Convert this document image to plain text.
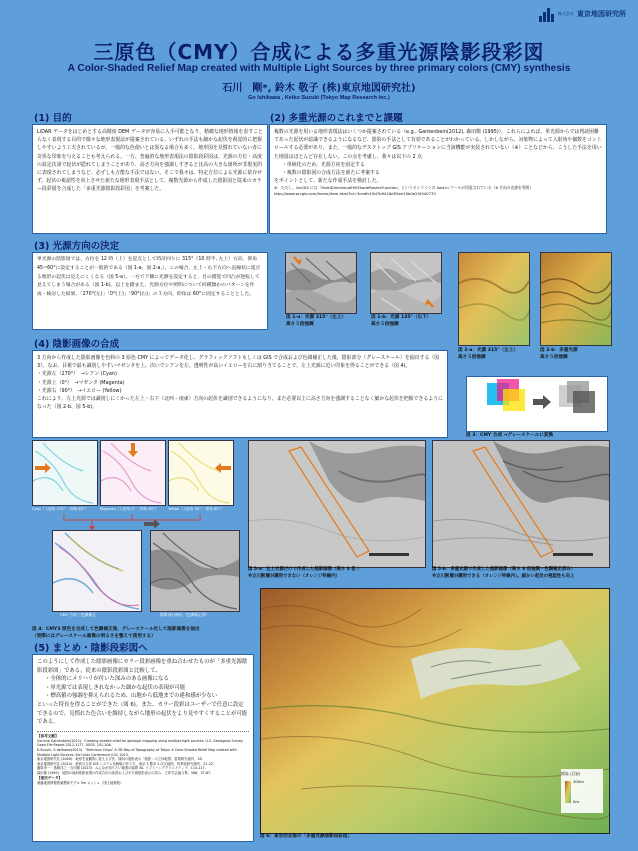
株式会社 東京地図研究所
三原色（CMY）合成による多重光源陰影段彩図
A Color-Shaded Relief Map created with Multiple Light Sources by three primary colors (CMY) synthesis
石川　剛*, 鈴木 敬子 (株)東京地図研究社)
Go Ishikawa , Keiko Suzuki (Tokyo Map Research Inc.)
(1) 目的
LiDAR データをはじめとする高精度 DEM データが容易に入手可能となり、精緻な地形情報を表すことらなく表現する目的で様々な地形表現法が提案されている。いずれの手法も細かな起伏を視覚的に把握しやすいよう工夫されているが、一般的な色使いとは異なる場合も多く、地形図を見慣れていない者に奇異な印象を与えることも考えられる。一方、普遍的な地形表現法の陰影段彩図は、光源の方位・高度の設定次第で起伏が隠れてしまうことがあり、高さ方向を強調しすぎると比高の大きな箇所が非現実的に表現されてしまうなど、必ずしも万能な手法ではない。そこで我々は、特定方位による光源に依存せず、起伏の視認性を向上させた新たな地形表現手法として、複数光源から作成した陰影図と従来のカラー段彩図を合成した「多重光源陰影段彩図」を考案した。
(2) 多重光源のこれまでと課題
複数の光源を用いる地形表現法はいくつか提案されている（e.g., Gantenbein(2012), 森田衛 (1995)）。これらによれば、単光源からでは判読困難であった起伏が認識できるようになるなど、陰影の手法として有効であることがわかっている。しかしながら、対象物によって入射角や個数をコントロールする必要があり、また、一般的なデスクトップ GIS アプリケーションに当該機能が実装されていない（※）ことなどから、こうした手法を用いた地図はほとんど存在しない。この点を考慮し、我々は以下の 2 点
・単純化のため、光源方向を固定する
・複数の陰影図の合成方法を新たに考案する
をポイントとして、新たな作成手法を検討した。
※：ただし、ArcGIS には「MultiDirectionalHillShadeRasterFunction」というオンラインの Add-in ツールが用意されている（6 方向の光源を利用）
http://www.arcgis.com/home/item.html?id=3cedfc19d7b9418d55ee15b0e2f4540770
(3) 光源方向の決定
単光源の陰影図では、方位を 12 時（上）を起点として時計回りに 315°（10 時半, 左上）方向、仰角 45~60°に設定することが一般的である（図 1-a、図 2-a,）。この場合、左上・右下方向へ直線状に延びる地形の起伏は見えにくくなる（図 5-a）。一方で下側に光源を設定すると、目の錯覚で凹凸が逆転して見えてしまう場合がある（図 1-b)。以上を踏まえ、光源方位や照明について何種類かのパターンを作成・検討した結果、「270°(左)」「0°(上)」「90°(右)」の３方向、仰角は 60°に固定することとした。
図 1-a：光源 315°（左上）
高さ５倍強調
図 1-b：光源 135°（右下）
高さ５倍強調
図 2-a：光源 315°（左上）
高さ５倍強調
図 2-b：多重光源
高さ５倍強調
(4) 陰影画像の合成
3 方向から作成した陰影画像を色料の 3 原色 CMY によってデータ化し、グラフィックソフトもしくは GIS で合成および色調補正した後、陰影部分（グレースケール）を抽出する（図 3）。なお、目視で最も識別しやすいマゼンタを上、次いでシアンを左、透明性が高いイエローを右に割り当てることで、左上光源に近い印象を得ることができる（図 4)。
・光源左（270°）　→シアン (Cyan)
・光源上（0°）　→マゼンタ (Magenta)
・光源右（90°）　→イエロー (Yellow)
これにより、左上光源では識別しにくかった左上・右下（北西 - 南東）方向の起伏を識別できるようになり、また必要以上に高さ方向を強調することなく細かな起伏を把握できるようになった（図 2-b、図 5-b)。
図 3：CMY 合成 →グレースケールに変換
Cyan（入射角 270° ・仰角 60°）	Magenta（入射角 0° ・仰角 60°）	Yellow（入射角 90° ・仰角 60°）
CMY 合成＋色調補正	陰影部分抽出（色調補正済）
図 4：CMY3 原色を合成して色調補正後、グレースケール化して陰影画像を抽出
（実際にはグレースケール画像の明るさを整えて使用する）
図 5-a：左上光源だけで作成した陰影画像（高さ 3 倍 ）
※立川断層が識別できない（オレンジ枠線内）
図 5-b：多重光源で作成した陰影画像（高さ 3 倍強調・色調補正済み）
※立川断層が識別できる（オレンジ枠線内）。細かい起伏の視認性も向上
(5) まとめ・陰影段彩図へ
このようにして作成した陰影画像にカラー段彩画像を重ね合わせたものが「多重光源陰影段彩図」である。従来の陰影段彩図と比較して、
・全体的にメリハリが付いた深みのある画像になる
・単光源では表現しきれなかった細かな起伏の表現が可能
・標高値の強調を抑えられるため、山地から低地までの違和感が少ない
といった特長を得ることができた（図 6)。また、カラー段彩はユーザーで任意に設定できるので、見慣れた色合いを維持しながら地形の起伏をより見やすくすることが可能である。
【参考文献】
Corinne Gantenbein(2012)：Creating shaded relief for geologic mapping using multiple light sources. U.S. Geological Survey Open-File Report 2012-1177, USGS, 101-106.
K.Suzuki, G.Ishikawa(2013)："Delicious Chips" A 3D Map of Topography of Tokyo: A Color-Shaded Relief Map created with Multiple Light Sources, Esri User Conference (UC) 2013.
東京地図研究社 (2009)：地形を直観的に捉える方法、傾斜の陰影表示「陰影」の立体地図、富岡研究創刊、18.
東京地図研究社 (2015)：鈴波の立体 GIS システム長崎版の作り方、東京 5 覧市 2 次元地図、四季絵研究創刊、21-22.
藤原孝一・島崎洋之・石川剛 (2013)：みんなが知りたい地図の疑問 50. ソフトバンククリエイティブ、114-117.
森田衛 (1995)：地図の地形陰影表現の作成方法の改善および半分面陰影表示の試み、立体学会論文集、506、57-67.
【使用データ】
基盤地図情報数値標高モデル 5m メッシュ（国土地理院）
標高 (目安)
300m
0m
図 6：東京西北部の「多重光源陰影段彩図」
